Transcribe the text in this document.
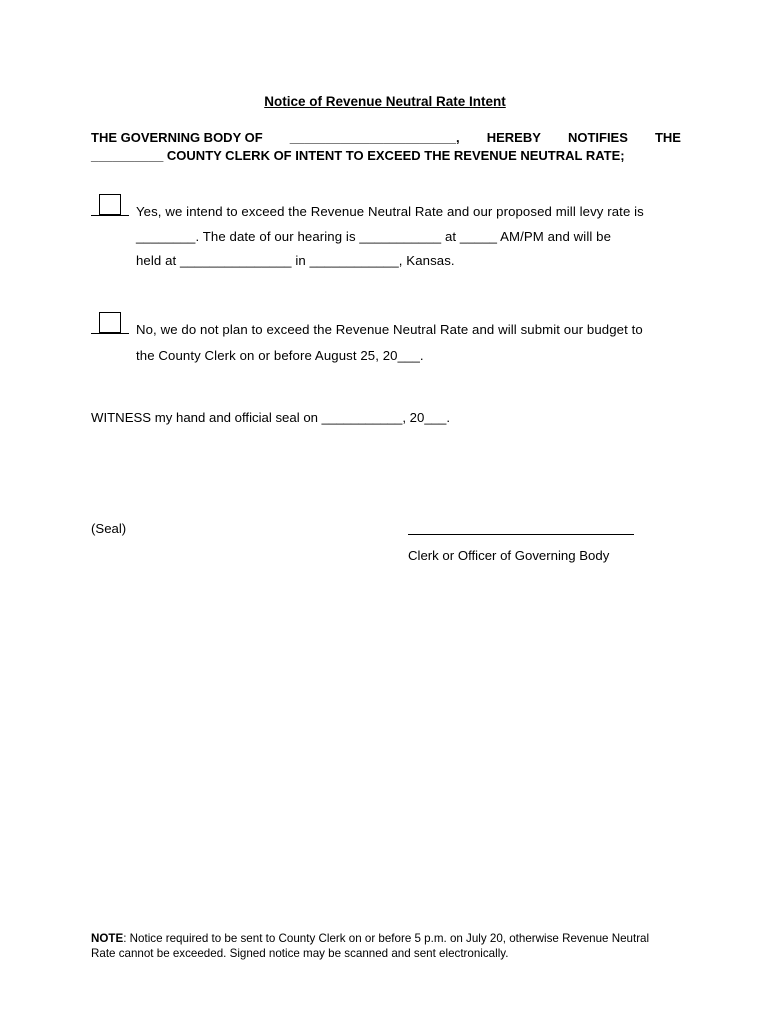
Notice of Revenue Neutral Rate Intent
THE GOVERNING BODY OF _______________________, HEREBY NOTIFIES THE
__________ COUNTY CLERK OF INTENT TO EXCEED THE REVENUE NEUTRAL RATE;
Yes, we intend to exceed the Revenue Neutral Rate and our proposed mill levy rate is
________. The date of our hearing is ___________ at _____ AM/PM and will be
held at _______________ in ____________, Kansas.
No, we do not plan to exceed the Revenue Neutral Rate and will submit our budget to
the County Clerk on or before August 25, 20___.
WITNESS my hand and official seal on ___________, 20___.
(Seal)
Clerk or Officer of Governing Body
NOTE: Notice required to be sent to County Clerk on or before 5 p.m. on July 20, otherwise Revenue Neutral Rate cannot be exceeded. Signed notice may be scanned and sent electronically.
